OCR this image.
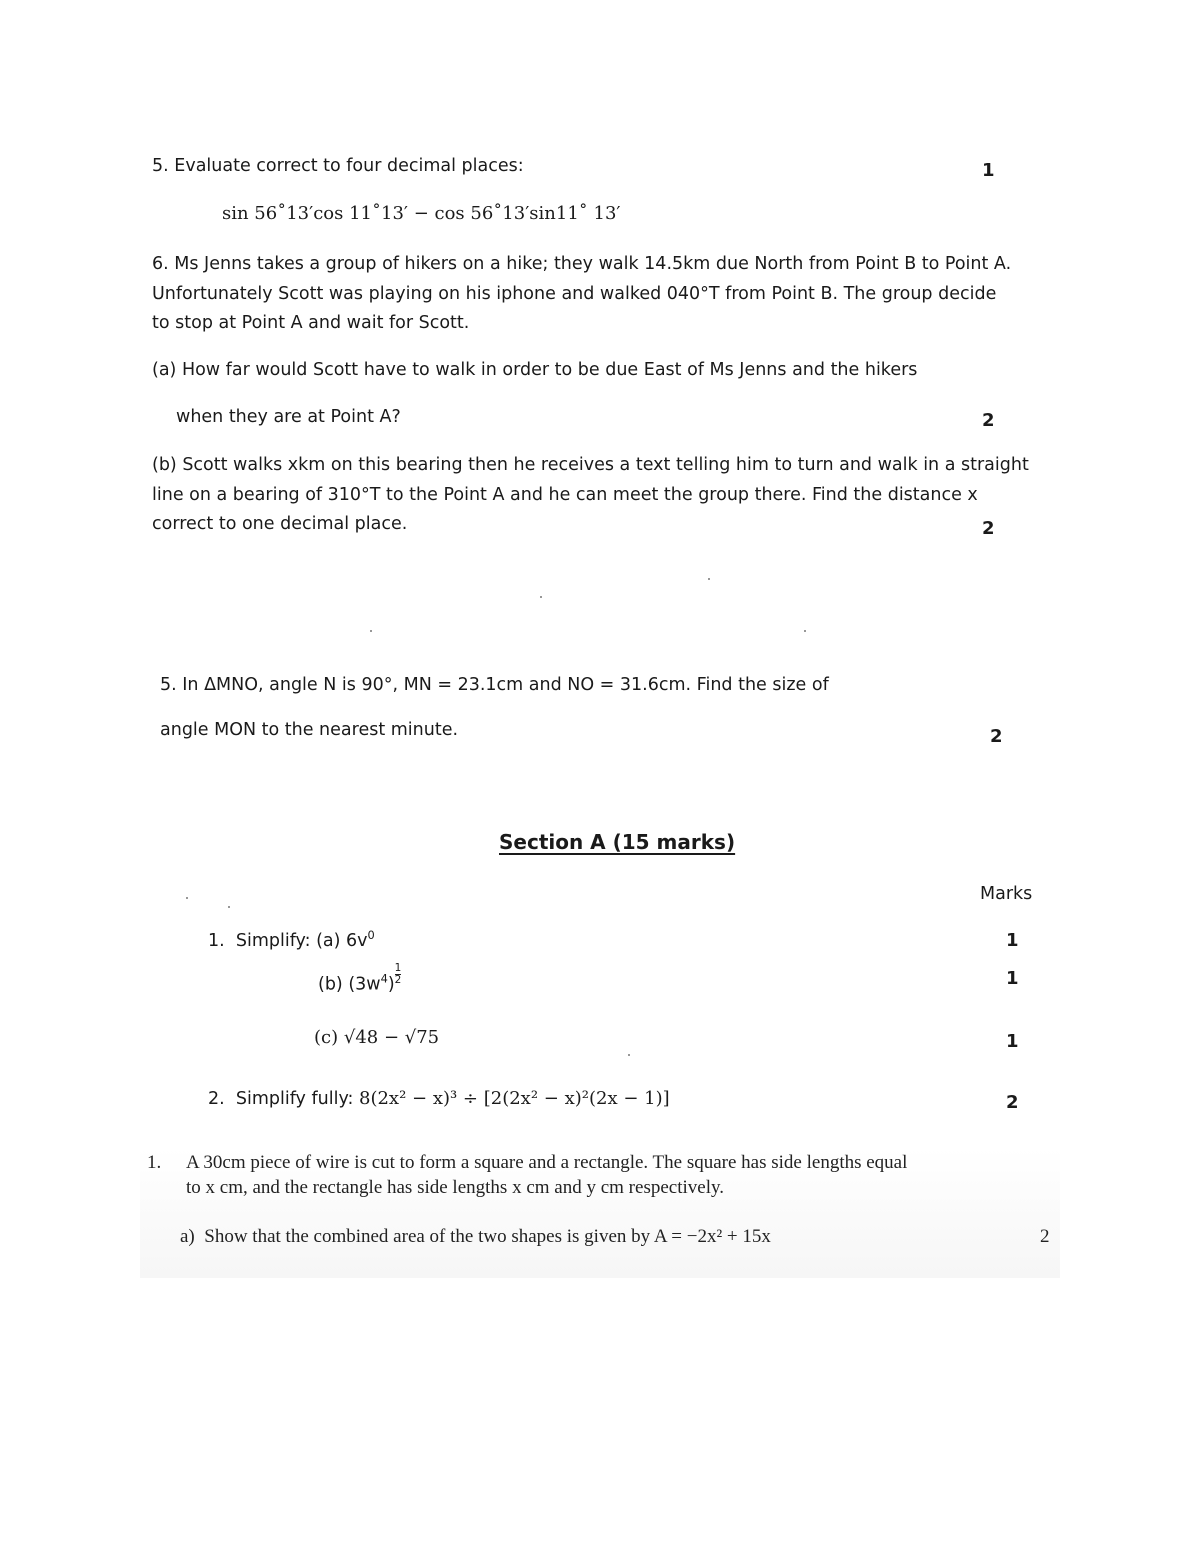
5. Evaluate correct to four decimal places:	1
sin 56˚13′cos 11˚13′ − cos 56˚13′sin11˚ 13′
6. Ms Jenns takes a group of hikers on a hike; they walk 14.5km due North from Point B to Point A.
Unfortunately Scott was playing on his iphone and walked 040°T from Point B. The group decide
to stop at Point A and wait for Scott.
(a) How far would Scott have to walk in order to be due East of Ms Jenns and the hikers
when they are at Point A?	2
(b) Scott walks xkm on this bearing then he receives a text telling him to turn and walk in a straight
line on a bearing of 310°T to the Point A and he can meet the group there. Find the distance x
correct to one decimal place.	2
5. In ΔMNO, angle N is 90°, MN = 23.1cm and NO = 31.6cm. Find the size of
angle MON to the nearest minute.	2
Section A (15 marks)
Marks
1. Simplify: (a) $6v^0$	1
(b) $(3w^4) \frac{1}{2}$	1
(c) √48 − √75	1
2. Simplify fully: 8(2x² − x)³ ÷ [2(2x² − x)²(2x − 1)]	2
1. A 30cm piece of wire is cut to form a square and a rectangle. The square has side lengths equal
to x cm, and the rectangle has side lengths x cm and y cm respectively.
a) Show that the combined area of the two shapes is given by A = −2x² + 15x	2
